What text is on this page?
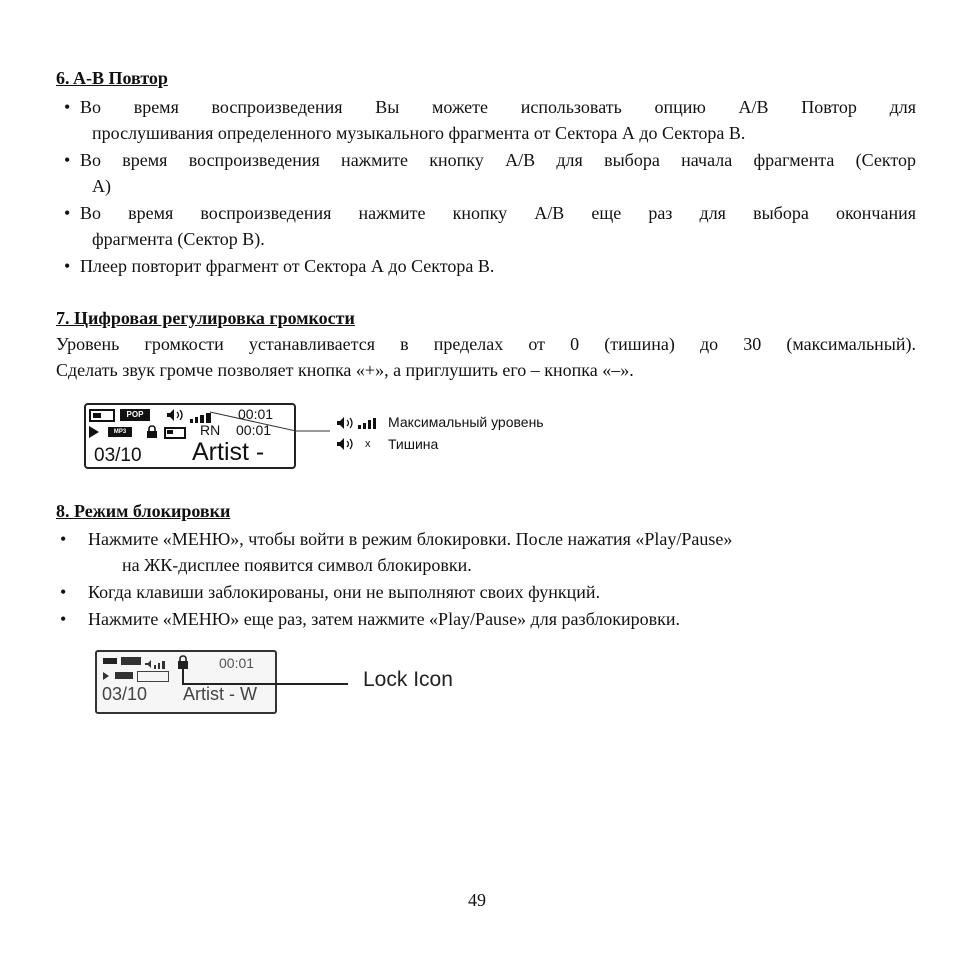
6. A-B Повтор
• Во время воспроизведения Вы можете использовать опцию A/B Повтор для
прослушивания определенного музыкального фрагмента от Сектора А до Сектора В.
• Во время воспроизведения нажмите кнопку A/B для выбора начала фрагмента (Сектор
A)
• Во время воспроизведения нажмите кнопку A/B еще раз для выбора окончания
фрагмента (Сектор В).
• Плеер повторит фрагмент от Сектора А до Сектора В.
7. Цифровая регулировка громкости
Уровень громкости устанавливается в пределах от 0 (тишина) до 30 (максимальный).
Сделать звук громче позволяет кнопка «+», а приглушить его – кнопка «–».
POP	00:01
MP3	RN 00:01
03/10 Artist -
Максимальный уровень
x Тишина
8. Режим блокировки
•	Нажмите «МЕНЮ», чтобы войти в режим блокировки. После нажатия «Play/Pause»
на ЖК-дисплее появится символ блокировки.
•	Когда клавиши заблокированы, они не выполняют своих функций.
•	Нажмите «МЕНЮ» еще раз, затем нажмите «Play/Pause» для разблокировки.
00:01
03/10 Artist - W
Lock Icon
49
